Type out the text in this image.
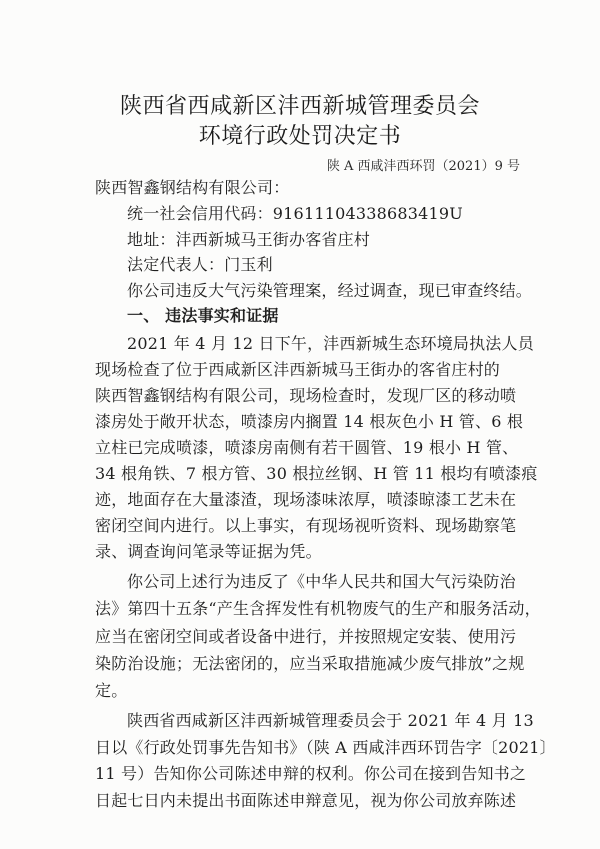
陕西省西咸新区沣西新城管理委员会
环境行政处罚决定书
陕 A 西咸沣西环罚（2021）9 号
陕西智鑫钢结构有限公司：
统一社会信用代码：91611104338683419U
地址：沣西新城马王街办客省庄村
法定代表人：门玉利
你公司违反大气污染管理案，经过调查，现已审查终结。
一、 违法事实和证据
2021 年 4 月 12 日下午，沣西新城生态环境局执法人员
现场检查了位于西咸新区沣西新城马王街办的客省庄村的
陕西智鑫钢结构有限公司，现场检查时，发现厂区的移动喷
漆房处于敞开状态，喷漆房内搁置 14 根灰色小 H 管、6 根
立柱已完成喷漆，喷漆房南侧有若干圆管、19 根小 H 管、
34 根角铁、7 根方管、30 根拉丝钢、H 管 11 根均有喷漆痕
迹，地面存在大量漆渣，现场漆味浓厚，喷漆晾漆工艺未在
密闭空间内进行。以上事实，有现场视听资料、现场勘察笔
录、调查询问笔录等证据为凭。
你公司上述行为违反了《中华人民共和国大气污染防治
法》第四十五条“产生含挥发性有机物废气的生产和服务活动，
应当在密闭空间或者设备中进行，并按照规定安装、使用污
染防治设施；无法密闭的，应当采取措施减少废气排放”之规
定。
陕西省西咸新区沣西新城管理委员会于 2021 年 4 月 13
日以《行政处罚事先告知书》（陕 A 西咸沣西环罚告字〔2021〕
11 号）告知你公司陈述申辩的权利。你公司在接到告知书之
日起七日内未提出书面陈述申辩意见，视为你公司放弃陈述
